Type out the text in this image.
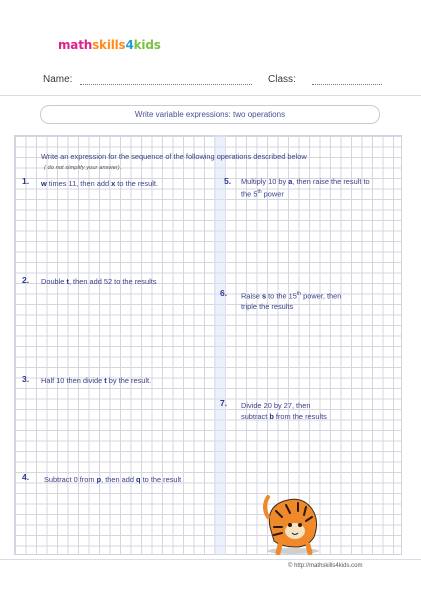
mathskills4kids
Name:	Class:
Write variable expressions: two operations
Write an expression for the sequence of the following operations described below
( do not simplify your answer).
1. w times 11, then add x to the result.
2. Double t, then add 52 to the results
3. Half 10 then divide t by the result.
4. Subtract 0 from p, then add q to the result
5. Multiply 10 by a, then raise the result to
the 5th power
6. Raise s to the 15th power, then
triple the results
7. Divide 20 by 27, then
subtract b from the results
© http://mathskills4kids.com
